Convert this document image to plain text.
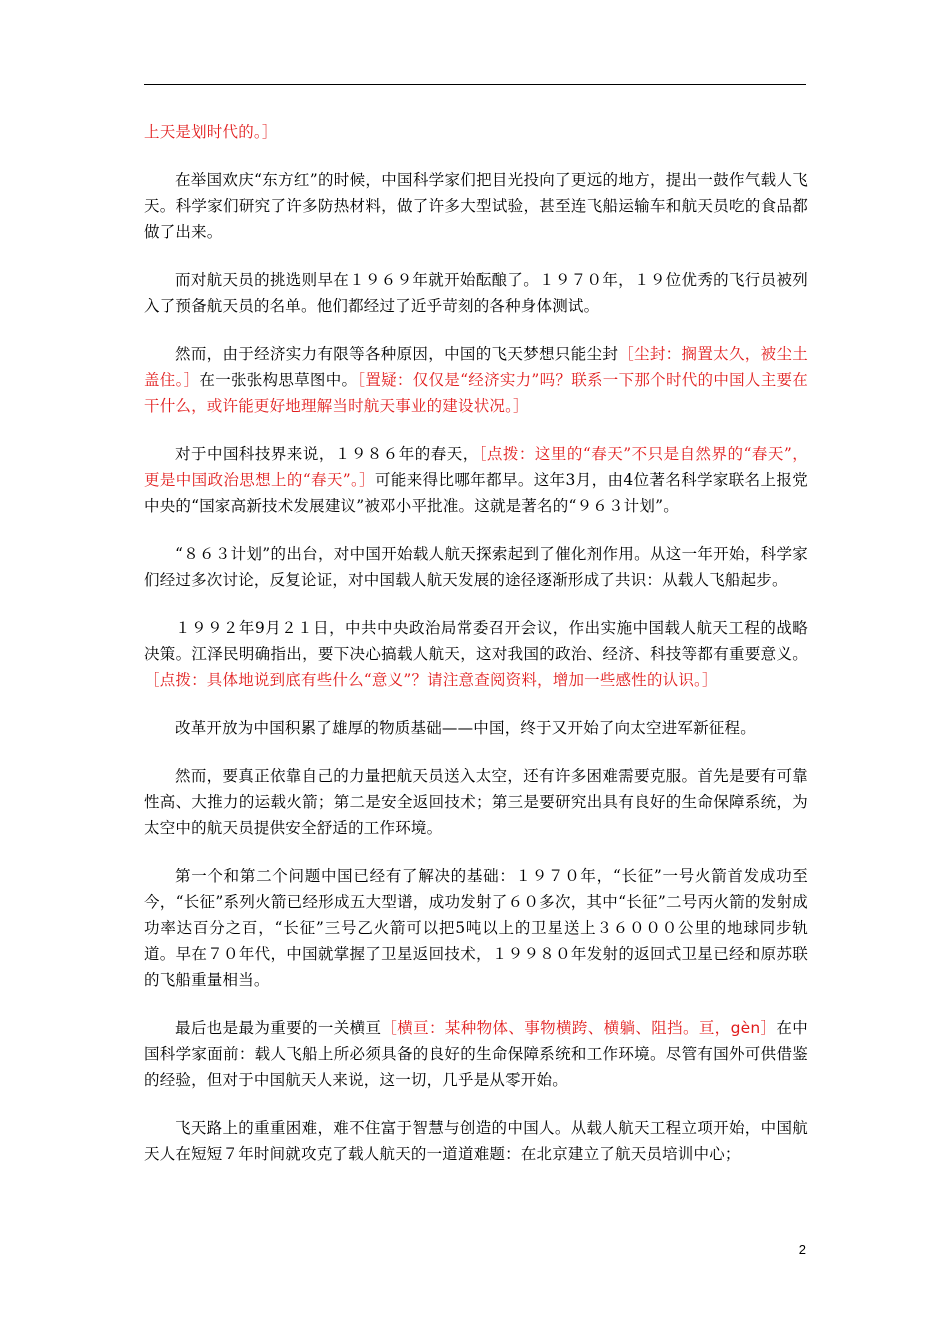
上天是划时代的。］

在举国欢庆“东方红”的时候，中国科学家们把目光投向了更远的地方，提出一鼓作气载人飞天。科学家们研究了许多防热材料，做了许多大型试验，甚至连飞船运输车和航天员吃的食品都做了出来。

而对航天员的挑选则早在１９６９年就开始酝酿了。１９７０年，１９位优秀的飞行员被列入了预备航天员的名单。他们都经过了近乎苛刻的各种身体测试。

然而，由于经济实力有限等各种原因，中国的飞天梦想只能尘封［尘封：搁置太久，被尘土盖住。］在一张张构思草图中。［置疑：仅仅是“经济实力”吗？联系一下那个时代的中国人主要在干什么，或许能更好地理解当时航天事业的建设状况。］

对于中国科技界来说，１９８６年的春天，［点拨：这里的“春天”不只是自然界的“春天”，更是中国政治思想上的“春天”。］可能来得比哪年都早。这年3月，由4位著名科学家联名上报党中央的“国家高新技术发展建议”被邓小平批准。这就是著名的“９６３计划”。

“８６３计划”的出台，对中国开始载人航天探索起到了催化剂作用。从这一年开始，科学家们经过多次讨论，反复论证，对中国载人航天发展的途径逐渐形成了共识：从载人飞船起步。

１９９２年9月２１日，中共中央政治局常委召开会议，作出实施中国载人航天工程的战略决策。江泽民明确指出，要下决心搞载人航天，这对我国的政治、经济、科技等都有重要意义。［点拨：具体地说到底有些什么“意义”？请注意查阅资料，增加一些感性的认识。］

改革开放为中国积累了雄厚的物质基础——中国，终于又开始了向太空进军新征程。

然而，要真正依靠自己的力量把航天员送入太空，还有许多困难需要克服。首先是要有可靠性高、大推力的运载火箭；第二是安全返回技术；第三是要研究出具有良好的生命保障系统，为太空中的航天员提供安全舒适的工作环境。

第一个和第二个问题中国已经有了解决的基础：１９７０年，“长征”一号火箭首发成功至今，“长征”系列火箭已经形成五大型谱，成功发射了６０多次，其中“长征”二号丙火箭的发射成功率达百分之百，“长征”三号乙火箭可以把5吨以上的卫星送上３６０００公里的地球同步轨道。早在７０年代，中国就掌握了卫星返回技术，１９９８０年发射的返回式卫星已经和原苏联的飞船重量相当。

最后也是最为重要的一关横亘［横亘：某种物体、事物横跨、横躺、阻挡。亘，gèn］在中国科学家面前：载人飞船上所必须具备的良好的生命保障系统和工作环境。尽管有国外可供借鉴的经验，但对于中国航天人来说，这一切，几乎是从零开始。

飞天路上的重重困难，难不住富于智慧与创造的中国人。从载人航天工程立项开始，中国航天人在短短７年时间就攻克了载人航天的一道道难题：在北京建立了航天员培训中心；

2
